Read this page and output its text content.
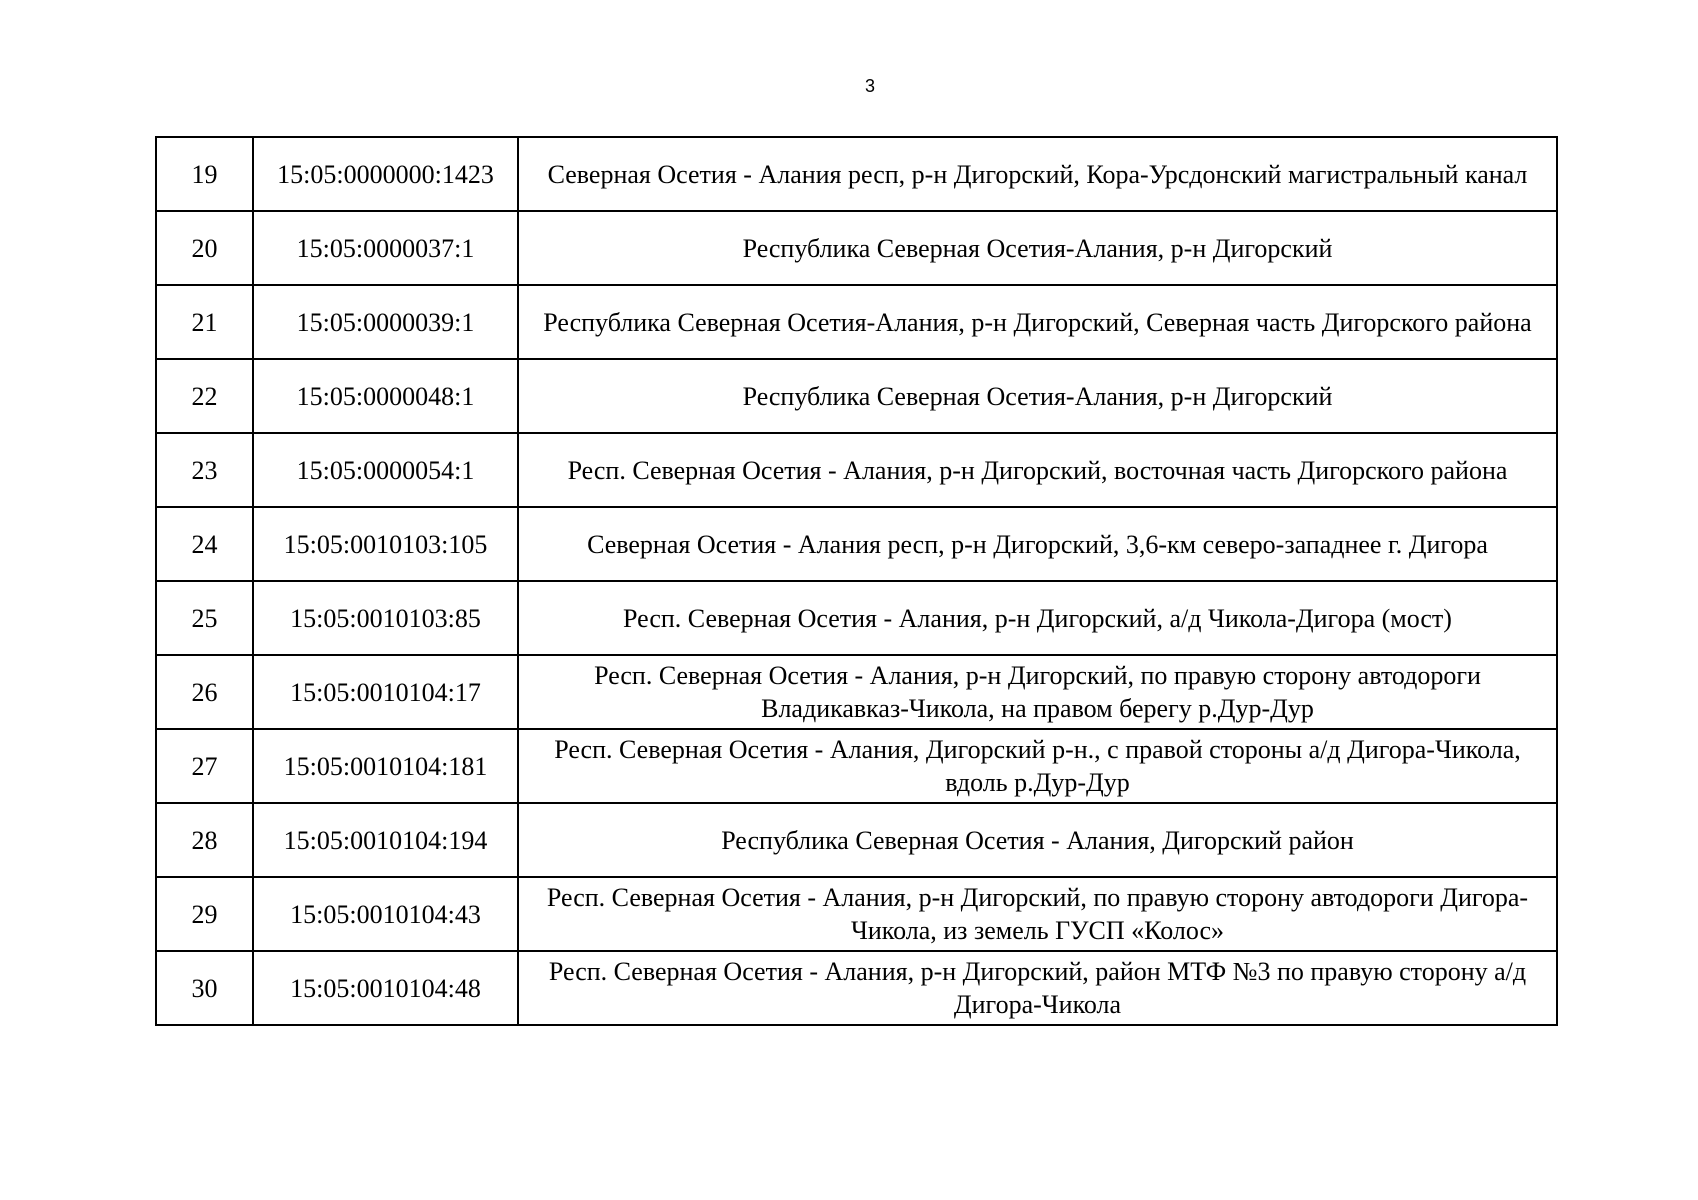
3
19	15:05:0000000:1423	Северная Осетия - Алания респ, р-н Дигорский, Кора-Урсдонский магистральный канал
20	15:05:0000037:1	Республика Северная Осетия-Алания, р-н Дигорский
21	15:05:0000039:1	Республика Северная Осетия-Алания, р-н Дигорский, Северная часть Дигорского района
22	15:05:0000048:1	Республика Северная Осетия-Алания, р-н Дигорский
23	15:05:0000054:1	Респ. Северная Осетия - Алания, р-н Дигорский, восточная часть Дигорского района
24	15:05:0010103:105	Северная Осетия - Алания респ, р-н Дигорский, 3,6-км северо-западнее г. Дигора
25	15:05:0010103:85	Респ. Северная Осетия - Алания, р-н Дигорский, а/д Чикола-Дигора (мост)
26	15:05:0010104:17	Респ. Северная Осетия - Алания, р-н Дигорский, по правую сторону автодороги Владикавказ-Чикола, на правом берегу р.Дур-Дур
27	15:05:0010104:181	Респ. Северная Осетия - Алания, Дигорский р-н., с правой стороны а/д Дигора-Чикола, вдоль р.Дур-Дур
28	15:05:0010104:194	Республика Северная Осетия - Алания, Дигорский район
29	15:05:0010104:43	Респ. Северная Осетия - Алания, р-н Дигорский, по правую сторону автодороги Дигора-Чикола, из земель ГУСП «Колос»
30	15:05:0010104:48	Респ. Северная Осетия - Алания, р-н Дигорский, район МТФ №3 по правую сторону а/д Дигора-Чикола
